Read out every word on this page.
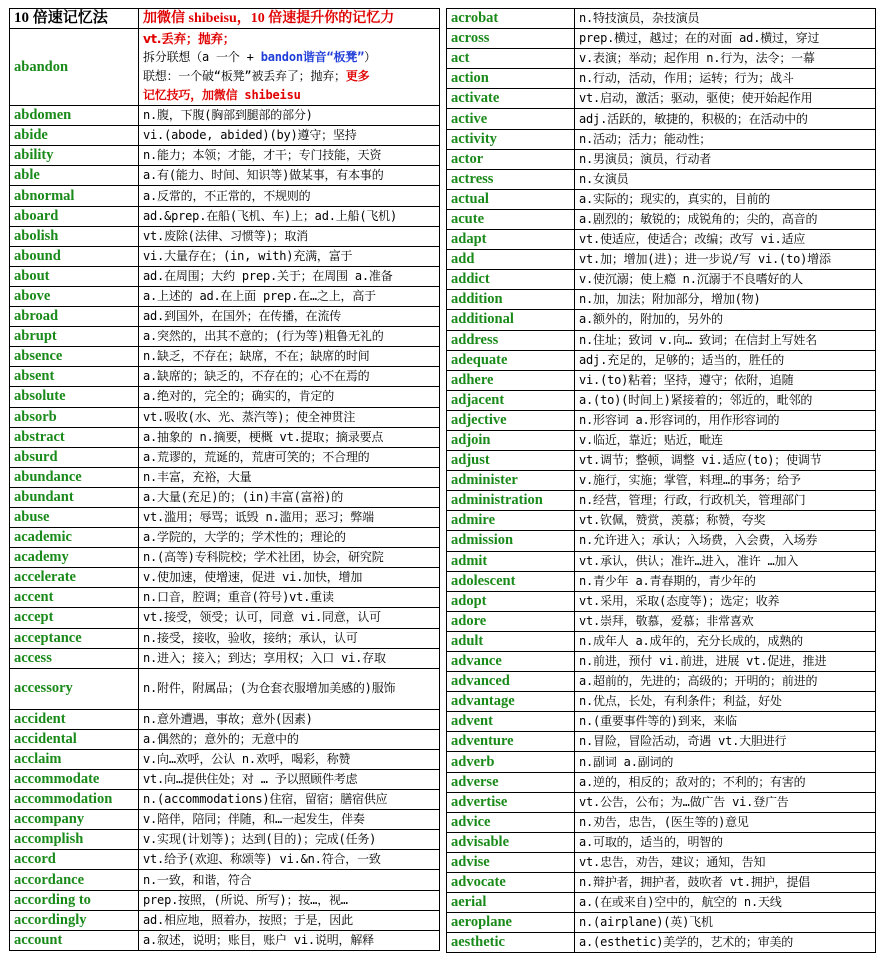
10 倍速记忆法	加微信 shibeisu，10 倍速提升你的记忆力
abandon	vt.丢弃；抛弃；
拆分联想（a 一个 + bandon谐音“板凳”）
联想：一个破“板凳”被丢弃了；抛弃；更多
记忆技巧，加微信 shibeisu

abdomen	n.腹，下腹(胸部到腿部的部分)
abide	vi.(abode, abided)(by)遵守；坚持
ability	n.能力；本领；才能，才干；专门技能，天资
able	a.有(能力、时间、知识等)做某事，有本事的
abnormal	a.反常的，不正常的，不规则的
aboard	ad.&prep.在船(飞机、车)上；ad.上船(飞机)
abolish	vt.废除(法律、习惯等)；取消
abound	vi.大量存在；(in, with)充满，富于
about	ad.在周围；大约 prep.关于；在周围 a.准备
above	a.上述的 ad.在上面 prep.在…之上，高于
abroad	ad.到国外，在国外；在传播，在流传
abrupt	a.突然的，出其不意的；(行为等)粗鲁无礼的
absence	n.缺乏，不存在；缺席，不在；缺席的时间
absent	a.缺席的；缺乏的，不存在的；心不在焉的
absolute	a.绝对的，完全的；确实的，肯定的
absorb	vt.吸收(水、光、蒸汽等)；使全神贯注
abstract	a.抽象的 n.摘要，梗概 vt.提取；摘录要点
absurd	a.荒谬的，荒诞的，荒唐可笑的；不合理的
abundance	n.丰富，充裕，大量
abundant	a.大量(充足)的；(in)丰富(富裕)的
abuse	vt.滥用；辱骂；诋毁 n.滥用；恶习；弊端
academic	a.学院的，大学的；学术性的；理论的
academy	n.(高等)专科院校；学术社团，协会，研究院
accelerate	v.使加速，使增速，促进 vi.加快，增加
accent	n.口音，腔调；重音(符号)vt.重读
accept	vt.接受，领受；认可，同意 vi.同意，认可
acceptance	n.接受，接收，验收，接纳；承认，认可
access	n.进入；接入；到达；享用权；入口 vi.存取
accessory	n.附件，附属品；(为仓套衣服增加美感的)服饰
accident	n.意外遭遇，事故；意外(因素)
accidental	a.偶然的；意外的；无意中的
acclaim	v.向…欢呼，公认 n.欢呼，喝彩，称赞
accommodate	vt.向…提供住处；对 … 予以照顾件考虑
accommodation	n.(accommodations)住宿，留宿；膳宿供应
accompany	v.陪伴，陪同；伴随，和…一起发生，伴奏
accomplish	v.实现(计划等)；达到(目的)；完成(任务)
accord	vt.给予(欢迎、称颂等) vi.&n.符合，一致
accordance	n.一致，和谐，符合
according to	prep.按照，(所说、所写)；按…，视…
accordingly	ad.相应地，照着办，按照；于是，因此
account	a.叙述，说明；账目，账户 vi.说明，解释
acrobat	n.特技演员，杂技演员
across	prep.横过，越过；在的对面 ad.横过，穿过
act	v.表演；举动；起作用 n.行为，法令；一幕
action	n.行动，活动，作用；运转；行为；战斗
activate	vt.启动，激活；驱动，驱使；使开始起作用
active	adj.活跃的，敏捷的，积极的；在活动中的
activity	n.活动；活力；能动性；
actor	n.男演员；演员，行动者
actress	n.女演员
actual	a.实际的；现实的，真实的，目前的
acute	a.剧烈的；敏锐的；成锐角的；尖的，高音的
adapt	vt.使适应，使适合；改编；改写 vi.适应
add	vt.加；增加(进)；进一步说/写 vi.(to)增添
addict	v.使沉溺；使上瘾 n.沉溺于不良嗜好的人
addition	n.加，加法；附加部分，增加(物)
additional	a.额外的，附加的，另外的
address	n.住址；致词 v.向… 致词；在信封上写姓名
adequate	adj.充足的，足够的；适当的，胜任的
adhere	vi.(to)粘着；坚持，遵守；依附，追随
adjacent	a.(to)(时间上)紧接着的；邻近的，毗邻的
adjective	n.形容词 a.形容词的，用作形容词的
adjoin	v.临近，靠近；贴近，毗连
adjust	vt.调节；整顿，调整 vi.适应(to)；使调节
administer	v.施行，实施；掌管，料理…的事务；给予
administration	n.经营，管理；行政，行政机关，管理部门
admire	vt.钦佩，赞赏，羡慕；称赞，夸奖
admission	n.允许进入；承认；入场费，入会费，入场券
admit	vt.承认，供认；准许…进入，准许 …加入
adolescent	n.青少年 a.青春期的，青少年的
adopt	vt.采用，采取(态度等)；选定；收养
adore	vt.崇拜，敬慕，爱慕；非常喜欢
adult	n.成年人 a.成年的，充分长成的，成熟的
advance	n.前进，预付 vi.前进，进展 vt.促进，推进
advanced	a.超前的，先进的；高级的；开明的；前进的
advantage	n.优点，长处，有利条件；利益，好处
advent	n.(重要事件等的)到来，来临
adventure	n.冒险，冒险活动，奇遇 vt.大胆进行
adverb	n.副词 a.副词的
adverse	a.逆的，相反的；敌对的；不利的；有害的
advertise	vt.公告，公布；为…做广告 vi.登广告
advice	n.劝告，忠告，(医生等的)意见
advisable	a.可取的，适当的，明智的
advise	vt.忠告，劝告，建议；通知，告知
advocate	n.辩护者，拥护者，鼓吹者 vt.拥护，提倡
aerial	a.(在或来自)空中的，航空的 n.天线
aeroplane	n.(airplane)(英)飞机
aesthetic	a.(esthetic)美学的，艺术的；审美的
